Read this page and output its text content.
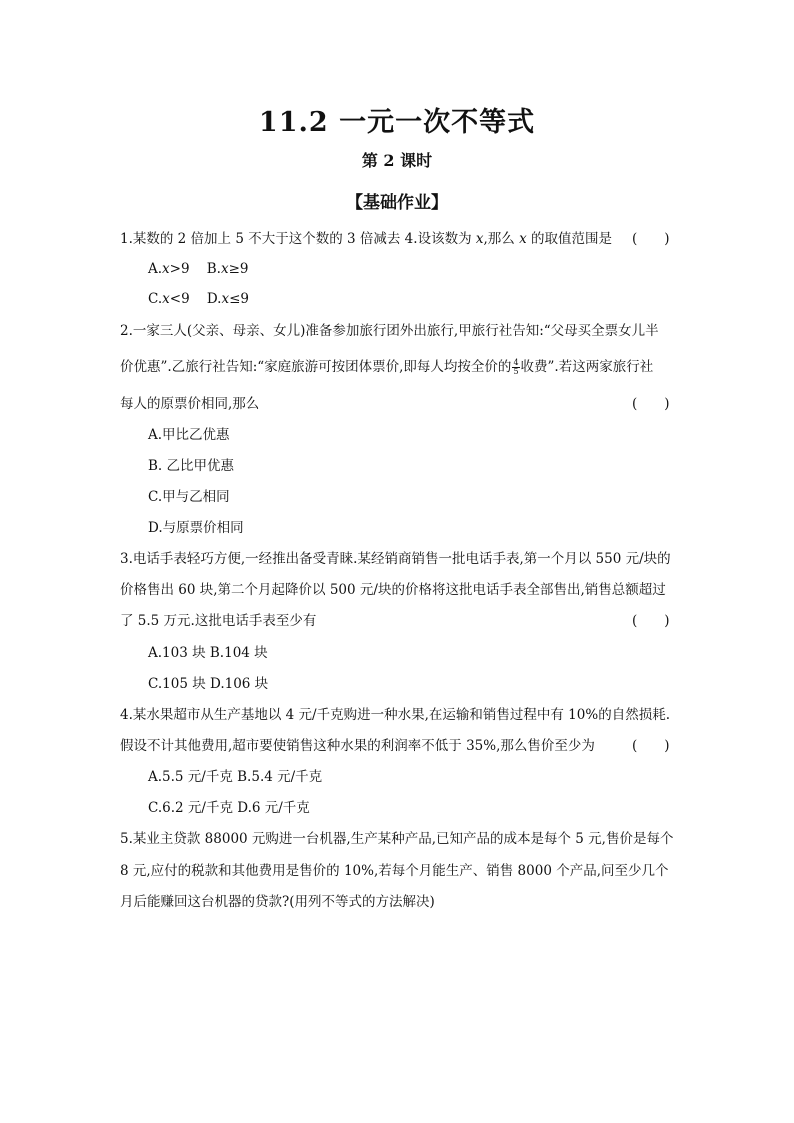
11.2 一元一次不等式
第 2 课时
【基础作业】
1.某数的 2 倍加上 5 不大于这个数的 3 倍减去 4.设该数为 x,那么 x 的取值范围是	(　　)
A.x>9 B.x≥9
C.x<9 D.x≤9
2.一家三人(父亲、母亲、女儿)准备参加旅行团外出旅行,甲旅行社告知:“父母买全票女儿半
价优惠”.乙旅行社告知:“家庭旅游可按团体票价,即每人均按全价的 $\frac{4}{5}$ 收费”.若这两家旅行社
每人的原票价相同,那么	(　　)
A.甲比乙优惠
B. 乙比甲优惠
C.甲与乙相同
D.与原票价相同
3.电话手表轻巧方便,一经推出备受青睐.某经销商销售一批电话手表,第一个月以 550 元/块的
价格售出 60 块,第二个月起降价以 500 元/块的价格将这批电话手表全部售出,销售总额超过
了 5.5 万元.这批电话手表至少有	(　　)
A.103 块 B.104 块
C.105 块 D.106 块
4.某水果超市从生产基地以 4 元/千克购进一种水果,在运输和销售过程中有 10%的自然损耗.
假设不计其他费用,超市要使销售这种水果的利润率不低于 35%,那么售价至少为	(　　)
A.5.5 元/千克 B.5.4 元/千克
C.6.2 元/千克 D.6 元/千克
5.某业主贷款 88000 元购进一台机器,生产某种产品,已知产品的成本是每个 5 元,售价是每个
8 元,应付的税款和其他费用是售价的 10%,若每个月能生产、销售 8000 个产品,问至少几个
月后能赚回这台机器的贷款?(用列不等式的方法解决)
